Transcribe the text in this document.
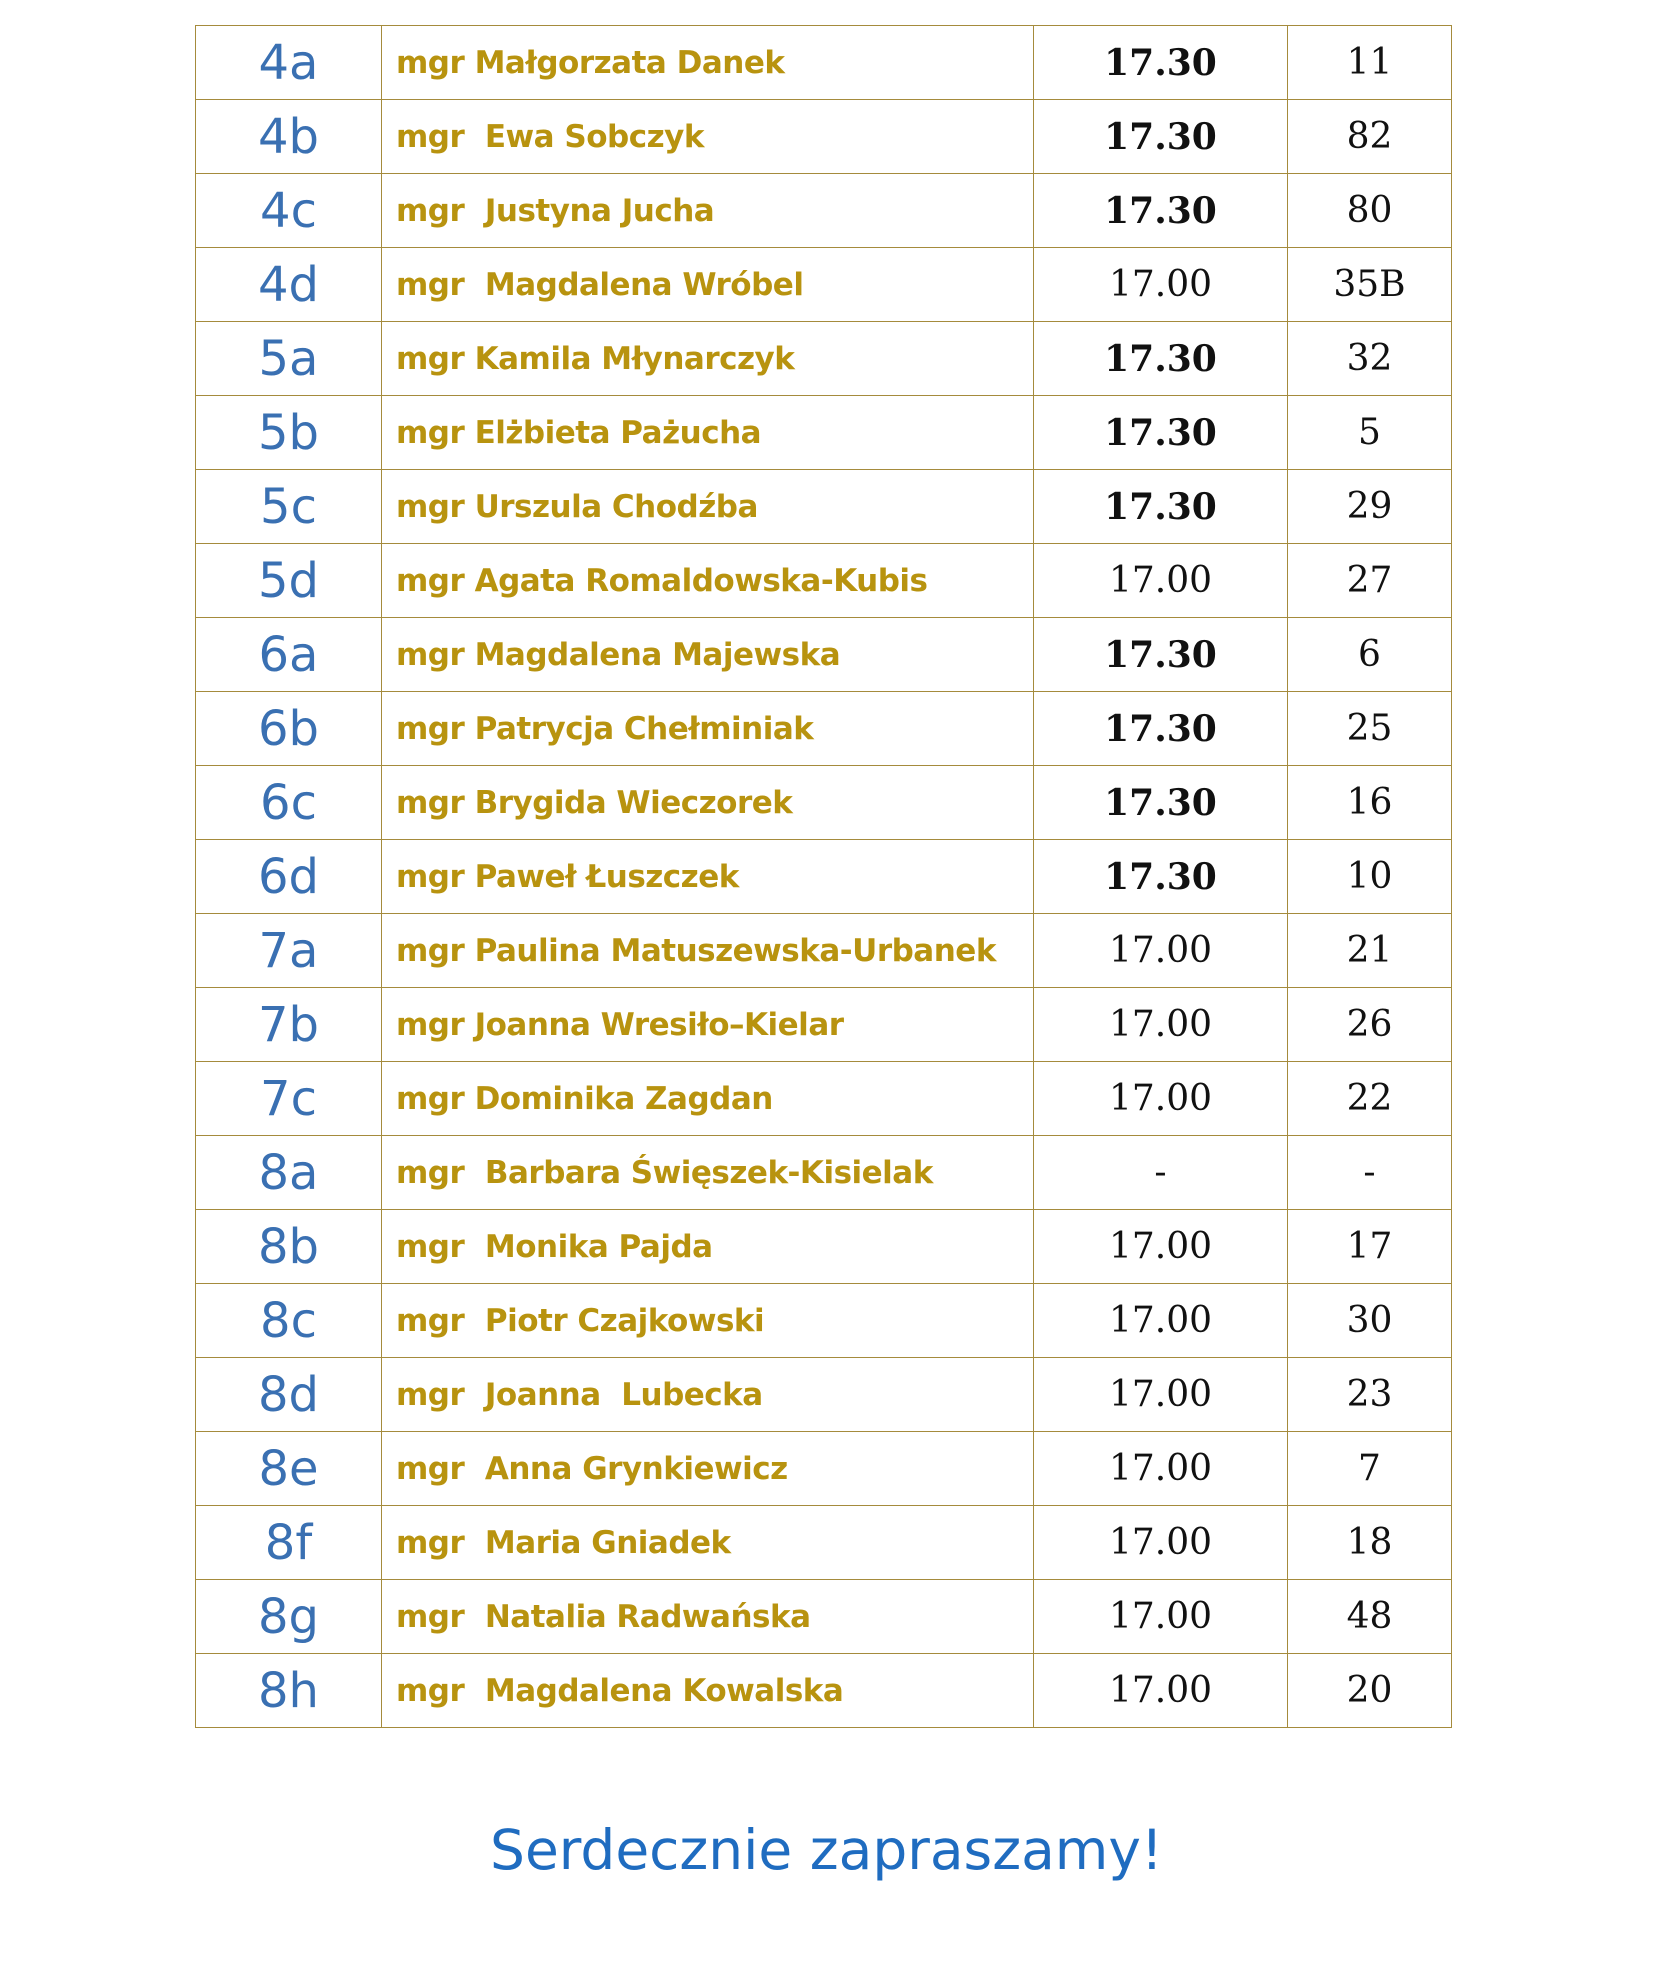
4a	mgr Małgorzata Danek	17.30	11
4b	mgr  Ewa Sobczyk	17.30	82
4c	mgr  Justyna Jucha	17.30	80
4d	mgr  Magdalena Wróbel	17.00	35B
5a	mgr Kamila Młynarczyk	17.30	32
5b	mgr Elżbieta Pażucha	17.30	5
5c	mgr Urszula Chodźba	17.30	29
5d	mgr Agata Romaldowska-Kubis	17.00	27
6a	mgr Magdalena Majewska	17.30	6
6b	mgr Patrycja Chełminiak	17.30	25
6c	mgr Brygida Wieczorek	17.30	16
6d	mgr Paweł Łuszczek	17.30	10
7a	mgr Paulina Matuszewska-Urbanek	17.00	21
7b	mgr Joanna Wresiło–Kielar	17.00	26
7c	mgr Dominika Zagdan	17.00	22
8a	mgr  Barbara Święszek-Kisielak	-	-
8b	mgr  Monika Pajda	17.00	17
8c	mgr  Piotr Czajkowski	17.00	30
8d	mgr  Joanna  Lubecka	17.00	23
8e	mgr  Anna Grynkiewicz	17.00	7
8f	mgr  Maria Gniadek	17.00	18
8g	mgr  Natalia Radwańska	17.00	48
8h	mgr  Magdalena Kowalska	17.00	20
Serdecznie zapraszamy!
